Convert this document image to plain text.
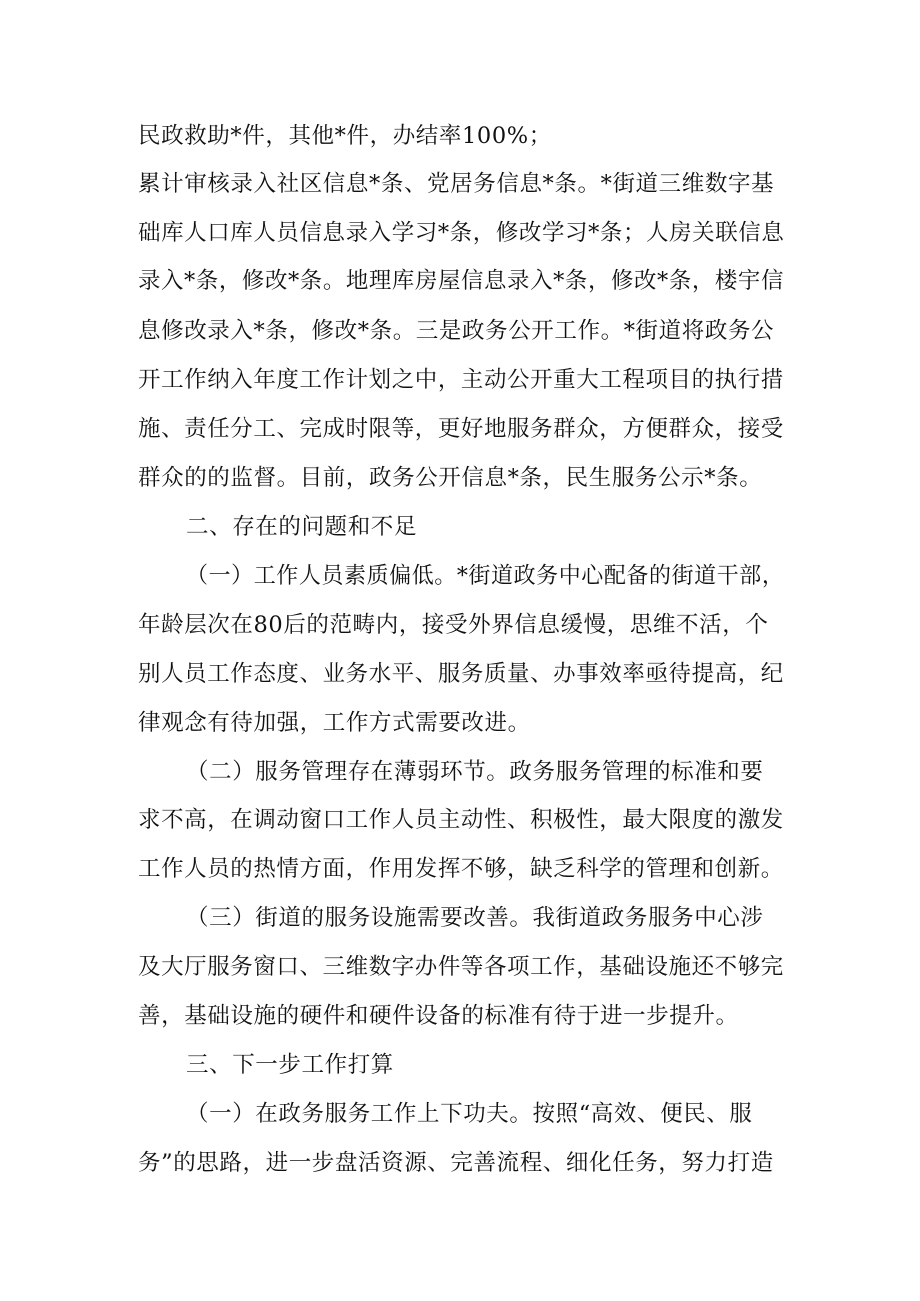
民政救助*件，其他*件，办结率100%；
累计审核录入社区信息*条、党居务信息*条。*街道三维数字基
础库人口库人员信息录入学习*条，修改学习*条；人房关联信息
录入*条，修改*条。地理库房屋信息录入*条，修改*条，楼宇信
息修改录入*条，修改*条。三是政务公开工作。*街道将政务公
开工作纳入年度工作计划之中，主动公开重大工程项目的执行措
施、责任分工、完成时限等，更好地服务群众，方便群众，接受
群众的的监督。目前，政务公开信息*条，民生服务公示*条。
二、存在的问题和不足
（一）工作人员素质偏低。*街道政务中心配备的街道干部，
年龄层次在80后的范畴内，接受外界信息缓慢，思维不活，个
别人员工作态度、业务水平、服务质量、办事效率亟待提高，纪
律观念有待加强，工作方式需要改进。
（二）服务管理存在薄弱环节。政务服务管理的标准和要
求不高，在调动窗口工作人员主动性、积极性，最大限度的激发
工作人员的热情方面，作用发挥不够，缺乏科学的管理和创新。
（三）街道的服务设施需要改善。我街道政务服务中心涉
及大厅服务窗口、三维数字办件等各项工作，基础设施还不够完
善，基础设施的硬件和硬件设备的标准有待于进一步提升。
三、下一步工作打算
（一）在政务服务工作上下功夫。按照“高效、便民、服
务”的思路，进一步盘活资源、完善流程、细化任务，努力打造
